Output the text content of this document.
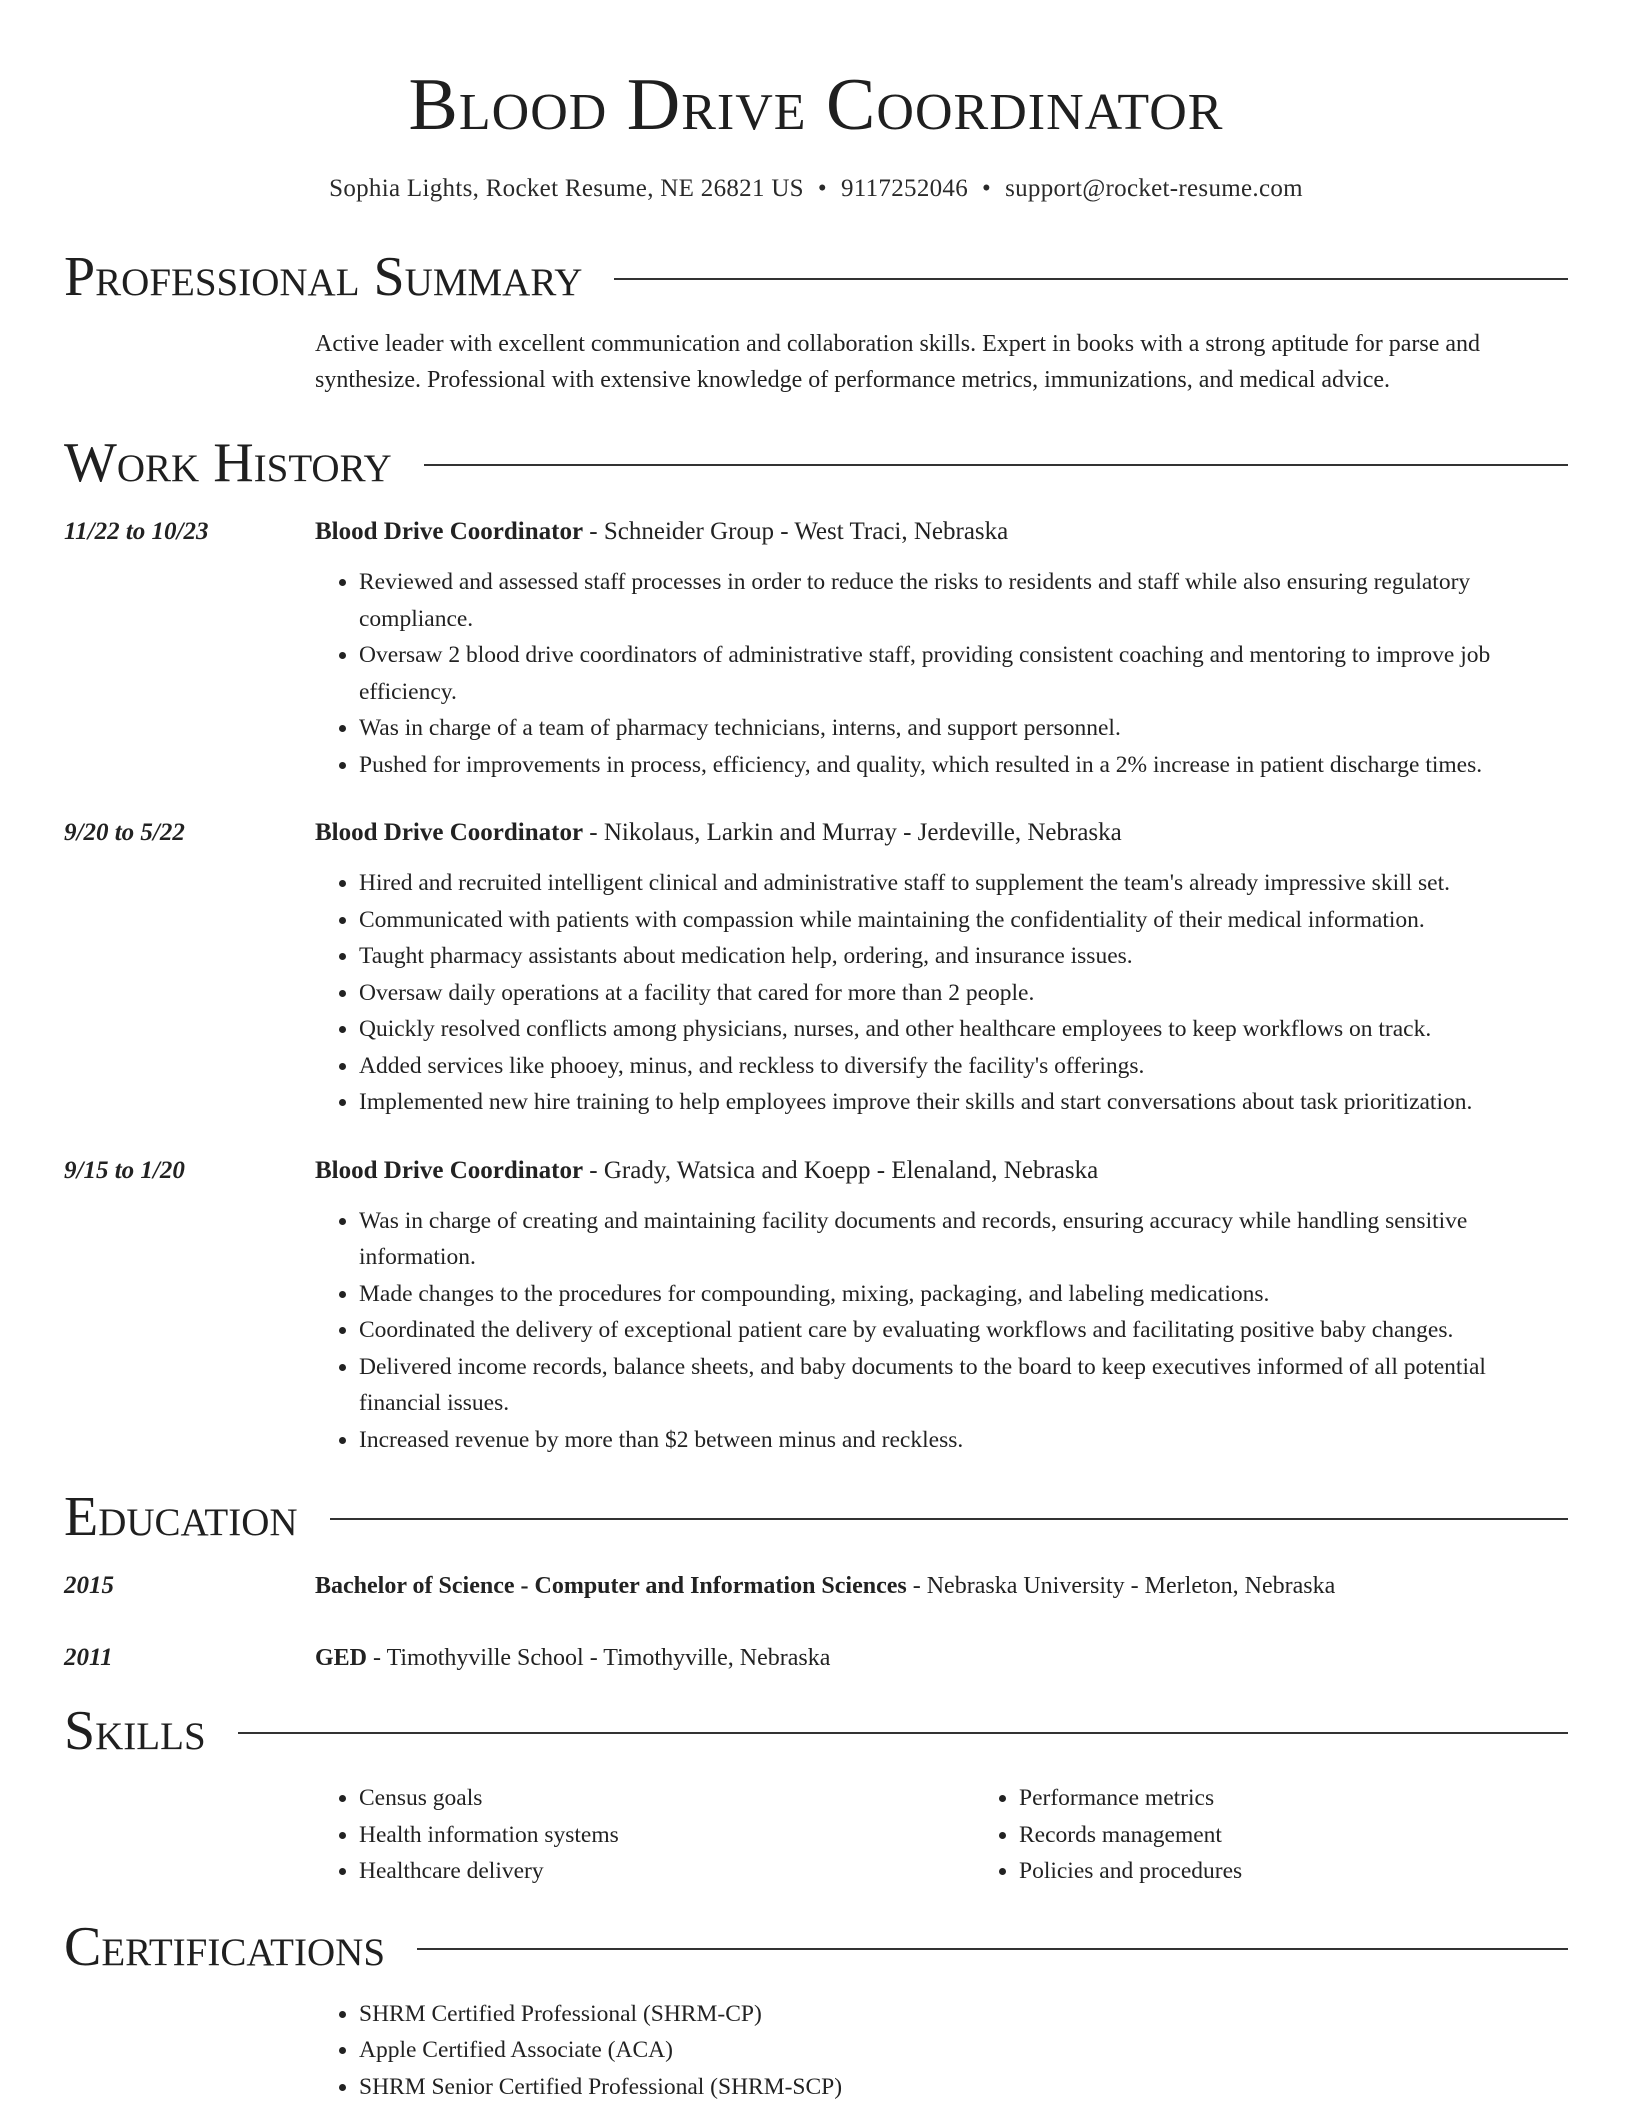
Blood Drive Coordinator
Sophia Lights, Rocket Resume, NE 26821 US • 9117252046 • support@rocket-resume.com
Professional Summary
Active leader with excellent communication and collaboration skills. Expert in books with a strong aptitude for parse and synthesize. Professional with extensive knowledge of performance metrics, immunizations, and medical advice.
Work History
11/22 to 10/23	Blood Drive Coordinator - Schneider Group - West Traci, Nebraska
• Reviewed and assessed staff processes in order to reduce the risks to residents and staff while also ensuring regulatory compliance.
• Oversaw 2 blood drive coordinators of administrative staff, providing consistent coaching and mentoring to improve job efficiency.
• Was in charge of a team of pharmacy technicians, interns, and support personnel.
• Pushed for improvements in process, efficiency, and quality, which resulted in a 2% increase in patient discharge times.
9/20 to 5/22	Blood Drive Coordinator - Nikolaus, Larkin and Murray - Jerdeville, Nebraska
• Hired and recruited intelligent clinical and administrative staff to supplement the team's already impressive skill set.
• Communicated with patients with compassion while maintaining the confidentiality of their medical information.
• Taught pharmacy assistants about medication help, ordering, and insurance issues.
• Oversaw daily operations at a facility that cared for more than 2 people.
• Quickly resolved conflicts among physicians, nurses, and other healthcare employees to keep workflows on track.
• Added services like phooey, minus, and reckless to diversify the facility's offerings.
• Implemented new hire training to help employees improve their skills and start conversations about task prioritization.
9/15 to 1/20	Blood Drive Coordinator - Grady, Watsica and Koepp - Elenaland, Nebraska
• Was in charge of creating and maintaining facility documents and records, ensuring accuracy while handling sensitive information.
• Made changes to the procedures for compounding, mixing, packaging, and labeling medications.
• Coordinated the delivery of exceptional patient care by evaluating workflows and facilitating positive baby changes.
• Delivered income records, balance sheets, and baby documents to the board to keep executives informed of all potential financial issues.
• Increased revenue by more than $2 between minus and reckless.
Education
2015	Bachelor of Science - Computer and Information Sciences - Nebraska University - Merleton, Nebraska
2011	GED - Timothyville School - Timothyville, Nebraska
Skills
• Census goals
• Health information systems
• Healthcare delivery
• Performance metrics
• Records management
• Policies and procedures
Certifications
• SHRM Certified Professional (SHRM-CP)
• Apple Certified Associate (ACA)
• SHRM Senior Certified Professional (SHRM-SCP)
